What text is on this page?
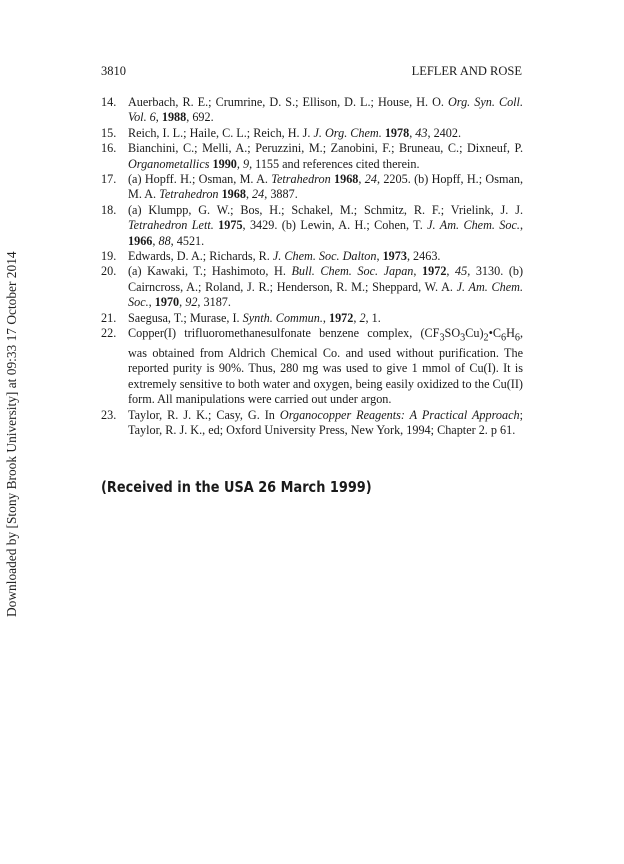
Downloaded by [Stony Brook University] at 09:33 17 October 2014
3810	LEFLER AND ROSE
14. Auerbach, R. E.; Crumrine, D. S.; Ellison, D. L.; House, H. O. Org. Syn. Coll. Vol. 6, 1988, 692.
15. Reich, I. L.; Haile, C. L.; Reich, H. J. J. Org. Chem. 1978, 43, 2402.
16. Bianchini, C.; Melli, A.; Peruzzini, M.; Zanobini, F.; Bruneau, C.; Dixneuf, P. Organometallics 1990, 9, 1155 and references cited therein.
17. (a) Hopff. H.; Osman, M. A. Tetrahedron 1968, 24, 2205. (b) Hopff, H.; Osman, M. A. Tetrahedron 1968, 24, 3887.
18. (a) Klumpp, G. W.; Bos, H.; Schakel, M.; Schmitz, R. F.; Vrielink, J. J. Tetrahedron Lett. 1975, 3429. (b) Lewin, A. H.; Cohen, T. J. Am. Chem. Soc., 1966, 88, 4521.
19. Edwards, D. A.; Richards, R. J. Chem. Soc. Dalton, 1973, 2463.
20. (a) Kawaki, T.; Hashimoto, H. Bull. Chem. Soc. Japan, 1972, 45, 3130. (b) Cairncross, A.; Roland, J. R.; Henderson, R. M.; Sheppard, W. A. J. Am. Chem. Soc., 1970, 92, 3187.
21. Saegusa, T.; Murase, I. Synth. Commun., 1972, 2, 1.
22. Copper(I) trifluoromethanesulfonate benzene complex, $(CF_3SO_3Cu)_2•C_6H_6$, was obtained from Aldrich Chemical Co. and used without purification. The reported purity is 90%. Thus, 280 mg was used to give 1 mmol of Cu(I). It is extremely sensitive to both water and oxygen, being easily oxidized to the Cu(II) form. All manipulations were carried out under argon.
23. Taylor, R. J. K.; Casy, G. In Organocopper Reagents: A Practical Approach; Taylor, R. J. K., ed; Oxford University Press, New York, 1994; Chapter 2. p 61.
(Received in the USA 26 March 1999)
